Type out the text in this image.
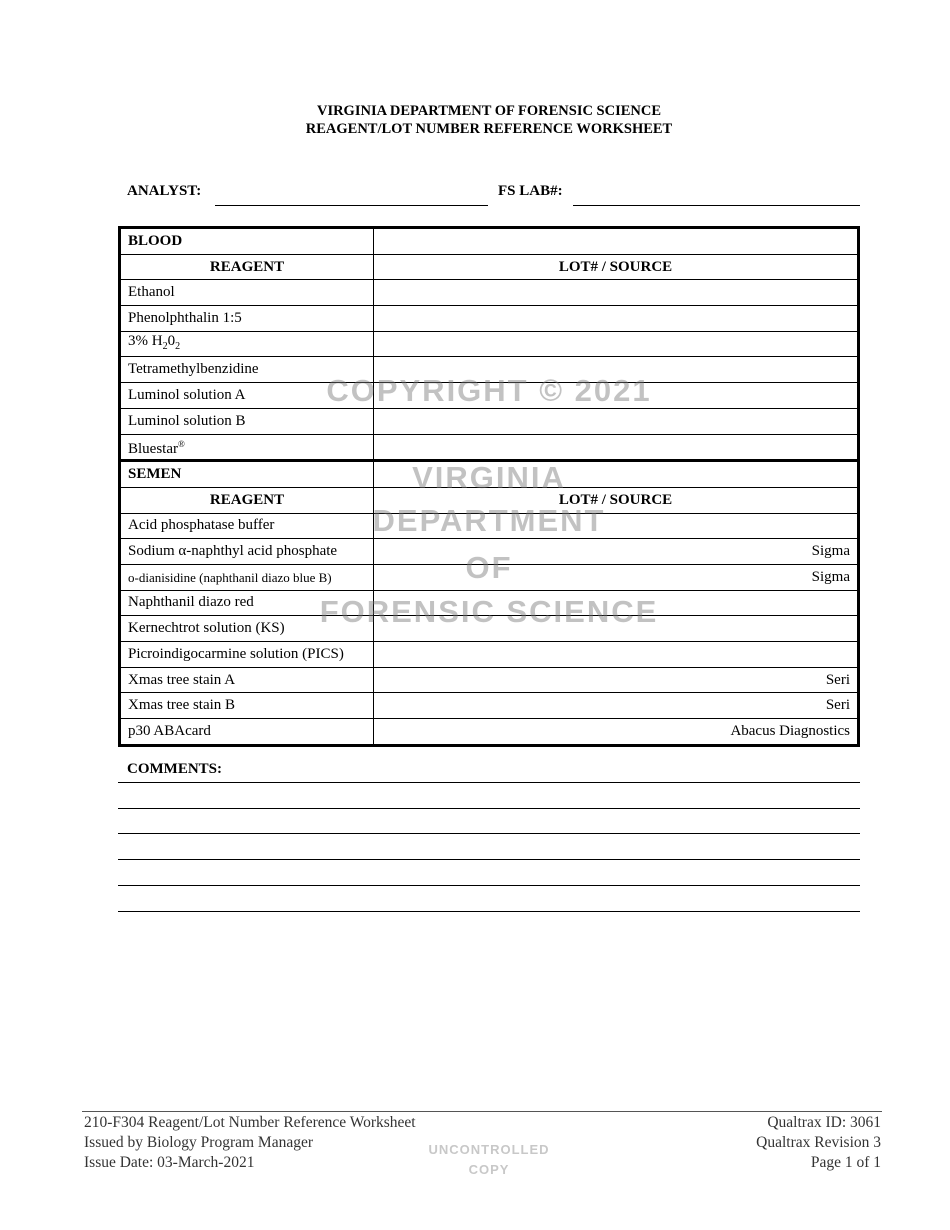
VIRGINIA DEPARTMENT OF FORENSIC SCIENCE
REAGENT/LOT NUMBER REFERENCE WORKSHEET
ANALYST:	FS LAB#:
BLOOD	
REAGENT	LOT# / SOURCE
Ethanol	
Phenolphthalin 1:5	
3% $H_20_2$	
Tetramethylbenzidine	
Luminol solution A	
Luminol solution B	
Bluestar®	
SEMEN	
REAGENT	LOT# / SOURCE
Acid phosphatase buffer	
Sodium α-naphthyl acid phosphate	Sigma
o-dianisidine (naphthanil diazo blue B)	Sigma
Naphthanil diazo red	
Kernechtrot solution (KS)	
Picroindigocarmine solution (PICS)	
Xmas tree stain A	Seri
Xmas tree stain B	Seri
p30 ABAcard	Abacus Diagnostics
COPYRIGHT © 2021
VIRGINIA
DEPARTMENT
OF
FORENSIC SCIENCE
COMMENTS:
210-F304 Reagent/Lot Number Reference Worksheet
Issued by Biology Program Manager
Issue Date: 03-March-2021
UNCONTROLLED
COPY
Qualtrax ID: 3061
Qualtrax Revision 3
Page 1 of 1
